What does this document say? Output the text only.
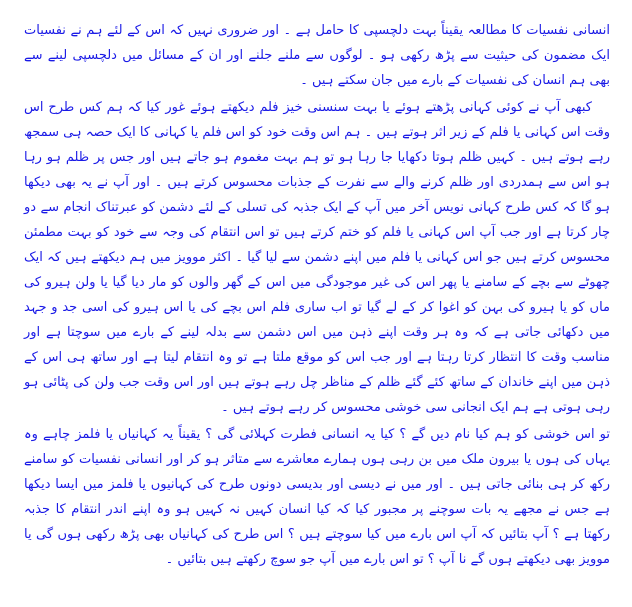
انسانی نفسیات کا مطالعہ یقیناً بہت دلچسپی کا حامل ہے ۔ اور ضروری نہیں کہ اس کے لئے ہم نے نفسیات ایک مضمون کی حیثیت سے پڑھ رکھی ہو ۔ لوگوں سے ملنے جلنے اور ان کے مسائل میں دلچسپی لینے سے بھی ہم انسان کی نفسیات کے بارے میں جان سکتے ہیں ۔

کبھی آپ نے کوئی کہانی پڑھتے ہوئے یا بہت سنسنی خیز فلم دیکھتے ہوئے غور کیا کہ ہم کس طرح اس وقت اس کہانی یا فلم کے زیر اثر ہوتے ہیں ۔ ہم اس وقت خود کو اس فلم یا کہانی کا ایک حصہ ہی سمجھ رہے ہوتے ہیں ۔ کہیں ظلم ہوتا دکھایا جا رہا ہو تو ہم بہت مغموم ہو جاتے ہیں اور جس پر ظلم ہو رہا ہو اس سے ہمدردی اور ظلم کرنے والے سے نفرت کے جذبات محسوس کرتے ہیں ۔ اور آپ نے یہ بھی دیکھا ہو گا کہ کس طرح کہانی نویس آخر میں آپ کے ایک جذبہ کی تسلی کے لئے دشمن کو عبرتناک انجام سے دو چار کرتا ہے اور جب آپ اس کہانی یا فلم کو ختم کرتے ہیں تو اس انتقام کی وجہ سے خود کو بہت مطمئن محسوس کرتے ہیں جو اس کہانی یا فلم میں اپنے دشمن سے لیا گیا ۔ اکثر موویز میں ہم دیکھتے ہیں کہ ایک چھوٹے سے بچے کے سامنے یا پھر اس کی غیر موجودگی میں اس کے گھر والوں کو مار دیا گیا یا ولن ہیرو کی ماں کو یا ہیرو کی بہن کو اغوا کر کے لے گیا تو اب ساری فلم اس بچے کی یا اس ہیرو کی اسی جد و جہد میں دکھائی جاتی ہے کہ وہ ہر وقت اپنے ذہن میں اس دشمن سے بدلہ لینے کے بارے میں سوچتا ہے اور مناسب وقت کا انتظار کرتا رہتا ہے اور جب اس کو موقع ملتا ہے تو وہ انتقام لیتا ہے اور ساتھ ہی اس کے ذہن میں اپنے خاندان کے ساتھ کئے گئے ظلم کے مناظر چل رہے ہوتے ہیں اور اس وقت جب ولن کی پٹائی ہو رہی ہوتی ہے ہم ایک انجانی سی خوشی محسوس کر رہے ہوتے ہیں ۔

تو اس خوشی کو ہم کیا نام دیں گے ؟ کیا یہ انسانی فطرت کہلائی گی ؟ یقیناً یہ کہانیاں یا فلمز چاہے وہ یہاں کی ہوں یا بیرون ملک میں بن رہی ہوں ہمارے معاشرے سے متاثر ہو کر اور انسانی نفسیات کو سامنے رکھ کر ہی بنائی جاتی ہیں ۔ اور میں نے دیسی اور بدیسی دونوں طرح کی کہانیوں یا فلمز میں ایسا دیکھا ہے جس نے مجھے یہ بات سوچنے پر مجبور کیا کہ کیا انسان کہیں نہ کہیں ہو وہ اپنے اندر انتقام کا جذبہ رکھتا ہے ؟ آپ بتائیں کہ آپ اس بارے میں کیا سوچتے ہیں ؟ اس طرح کی کہانیاں بھی پڑھ رکھی ہوں گی یا موویز بھی دیکھتے ہوں گے نا آپ ؟ تو اس بارے میں آپ جو سوچ رکھتے ہیں بتائیں ۔
